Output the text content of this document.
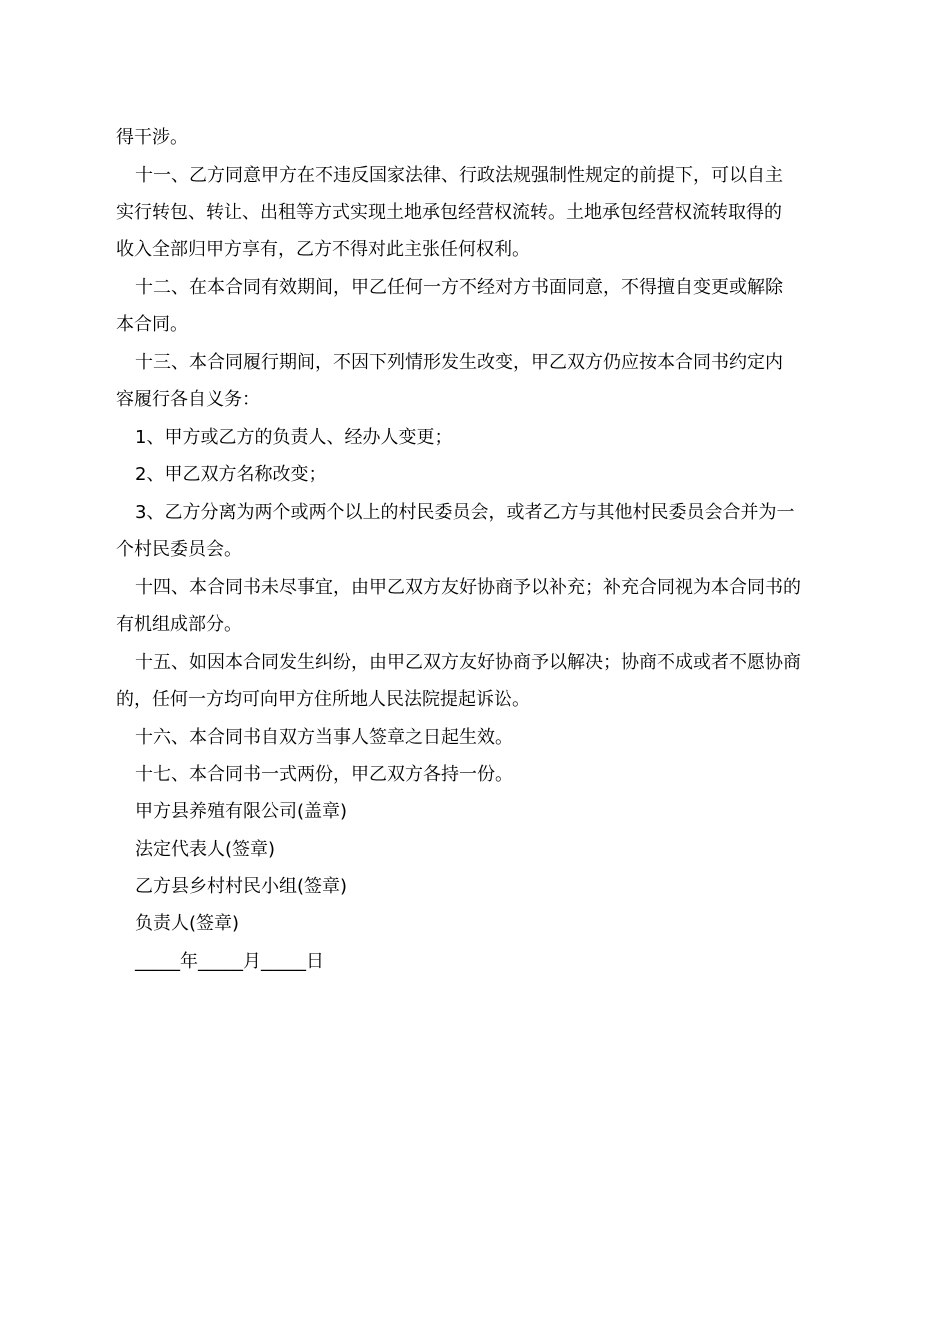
得干涉。
十一、乙方同意甲方在不违反国家法律、行政法规强制性规定的前提下，可以自主
实行转包、转让、出租等方式实现土地承包经营权流转。土地承包经营权流转取得的
收入全部归甲方享有，乙方不得对此主张任何权利。
十二、在本合同有效期间，甲乙任何一方不经对方书面同意，不得擅自变更或解除
本合同。
十三、本合同履行期间，不因下列情形发生改变，甲乙双方仍应按本合同书约定内
容履行各自义务：
1、甲方或乙方的负责人、经办人变更；
2、甲乙双方名称改变；
3、乙方分离为两个或两个以上的村民委员会，或者乙方与其他村民委员会合并为一
个村民委员会。
十四、本合同书未尽事宜，由甲乙双方友好协商予以补充；补充合同视为本合同书的
有机组成部分。
十五、如因本合同发生纠纷，由甲乙双方友好协商予以解决；协商不成或者不愿协商
的，任何一方均可向甲方住所地人民法院提起诉讼。
十六、本合同书自双方当事人签章之日起生效。
十七、本合同书一式两份，甲乙双方各持一份。
甲方县养殖有限公司(盖章)
法定代表人(签章)
乙方县乡村村民小组(签章)
负责人(签章)
_____年_____月_____日
